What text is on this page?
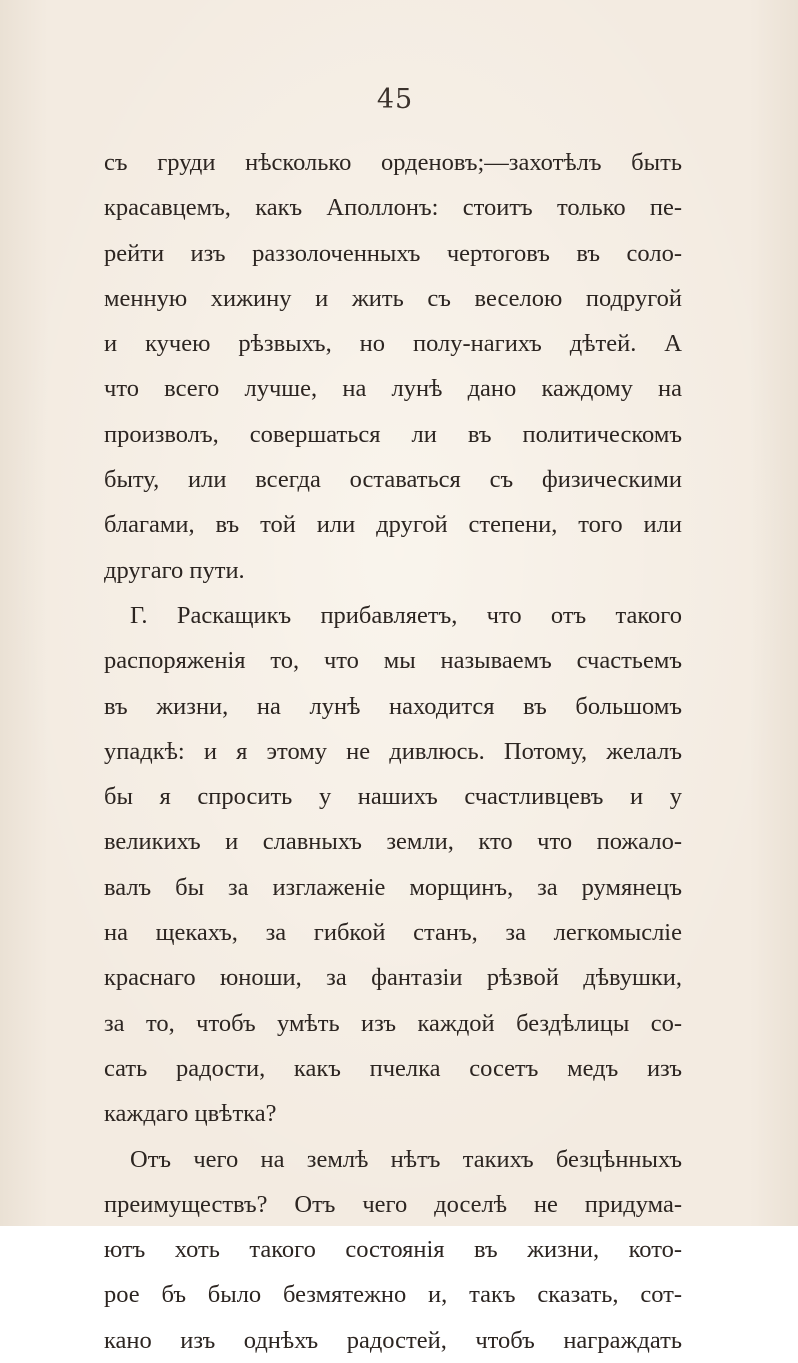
45
съ груди нѣсколько орденовъ;—захотѣлъ быть
красавцемъ, какъ Аполлонъ: стоитъ только пе-
рейти изъ раззолоченныхъ чертоговъ въ соло-
менную хижину и жить съ веселою подругой
и кучею рѣзвыхъ, но полу-нагихъ дѣтей. А
что всего лучше, на лунѣ дано каждому на
произволъ, совершаться ли въ политическомъ
быту, или всегда оставаться съ физическими
благами, въ той или другой степени, того или
другаго пути.
Г. Раскащикъ прибавляетъ, что отъ такого
распоряженія то, что мы называемъ счастьемъ
въ жизни, на лунѣ находится въ большомъ
упадкѣ: и я этому не дивлюсь. Потому, желалъ
бы я спросить у нашихъ счастливцевъ и у
великихъ и славныхъ земли, кто что пожало-
валъ бы за изглаженіе морщинъ, за румянецъ
на щекахъ, за гибкой станъ, за легкомысліе
краснаго юноши, за фантазіи рѣзвой дѣвушки,
за то, чтобъ умѣть изъ каждой бездѣлицы со-
сать радости, какъ пчелка сосетъ медъ изъ
каждаго цвѣтка?
Отъ чего на землѣ нѣтъ такихъ безцѣнныхъ
преимуществъ? Отъ чего доселѣ не придума-
ютъ хоть такого состоянія въ жизни, кото-
рое бъ было безмятежно и, такъ сказать, сот-
кано изъ однѣхъ радостей, чтобъ награждать
